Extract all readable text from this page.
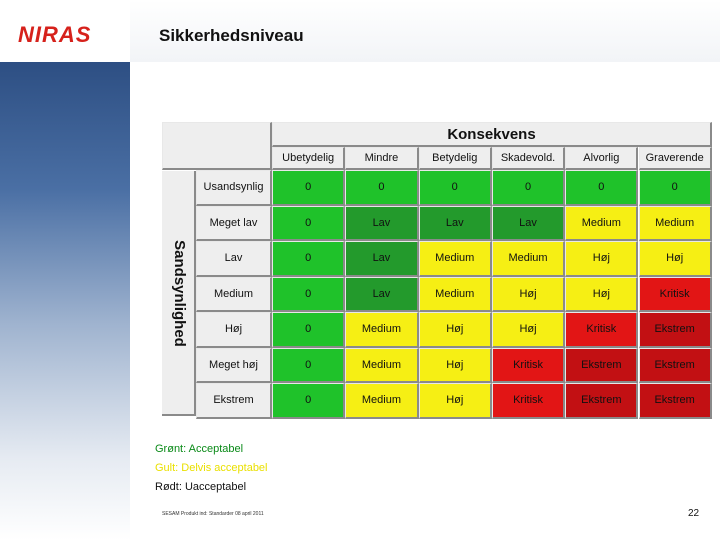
NIRAS	Sikkerhedsniveau
Konsekvens
Ubetydelig	Mindre	Betydelig	Skadevold.	Alvorlig	Graverende
Usandsynlig	0	0	0	0	0	0
Meget lav	0	Lav	Lav	Lav	Medium	Medium
Lav	0	Lav	Medium	Medium	Høj	Høj
Medium	0	Lav	Medium	Høj	Høj	Kritisk
Høj	0	Medium	Høj	Høj	Kritisk	Ekstrem
Meget høj	0	Medium	Høj	Kritisk	Ekstrem	Ekstrem
Ekstrem	0	Medium	Høj	Kritisk	Ekstrem	Ekstrem
Sandsynlighed
Grønt: Acceptabel
Gult: Delvis acceptabel
Rødt: Uacceptabel
SESAM Produkt ind: Standarder 08 april 2011	22
